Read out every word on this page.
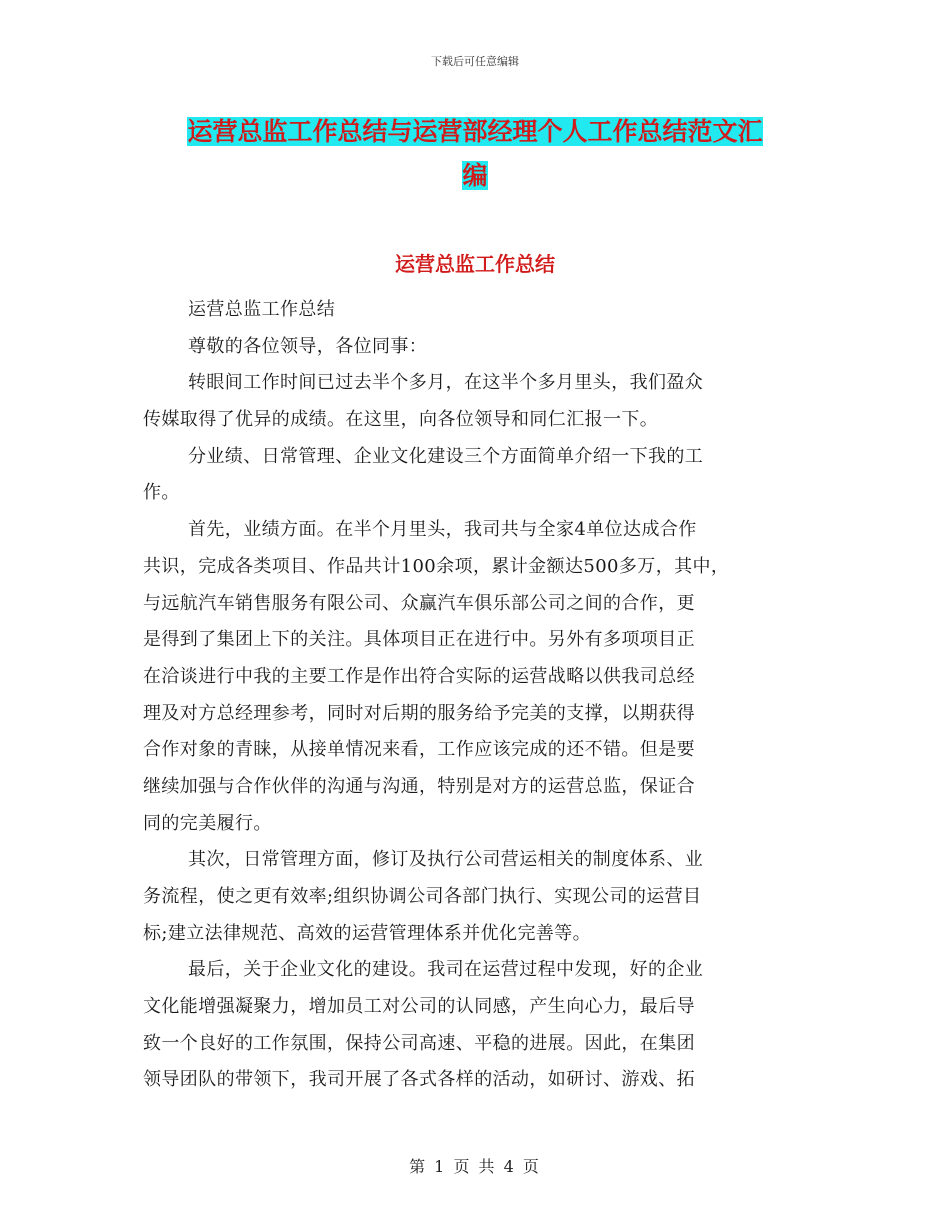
下载后可任意编辑
运营总监工作总结与运营部经理个人工作总结范文汇
编
运营总监工作总结
运营总监工作总结
尊敬的各位领导，各位同事：
转眼间工作时间已过去半个多月，在这半个多月里头，我们盈众
传媒取得了优异的成绩。在这里，向各位领导和同仁汇报一下。
分业绩、日常管理、企业文化建设三个方面简单介绍一下我的工
作。
首先，业绩方面。在半个月里头，我司共与全家4单位达成合作
共识，完成各类项目、作品共计100余项，累计金额达500多万，其中，
与远航汽车销售服务有限公司、众赢汽车俱乐部公司之间的合作，更
是得到了集团上下的关注。具体项目正在进行中。另外有多项项目正
在洽谈进行中我的主要工作是作出符合实际的运营战略以供我司总经
理及对方总经理参考，同时对后期的服务给予完美的支撑，以期获得
合作对象的青睐，从接单情况来看，工作应该完成的还不错。但是要
继续加强与合作伙伴的沟通与沟通，特别是对方的运营总监，保证合
同的完美履行。
其次，日常管理方面，修订及执行公司营运相关的制度体系、业
务流程，使之更有效率;组织协调公司各部门执行、实现公司的运营目
标;建立法律规范、高效的运营管理体系并优化完善等。
最后，关于企业文化的建设。我司在运营过程中发现，好的企业
文化能增强凝聚力，增加员工对公司的认同感，产生向心力，最后导
致一个良好的工作氛围，保持公司高速、平稳的进展。因此，在集团
领导团队的带领下，我司开展了各式各样的活动，如研讨、游戏、拓
第 1 页 共 4 页
